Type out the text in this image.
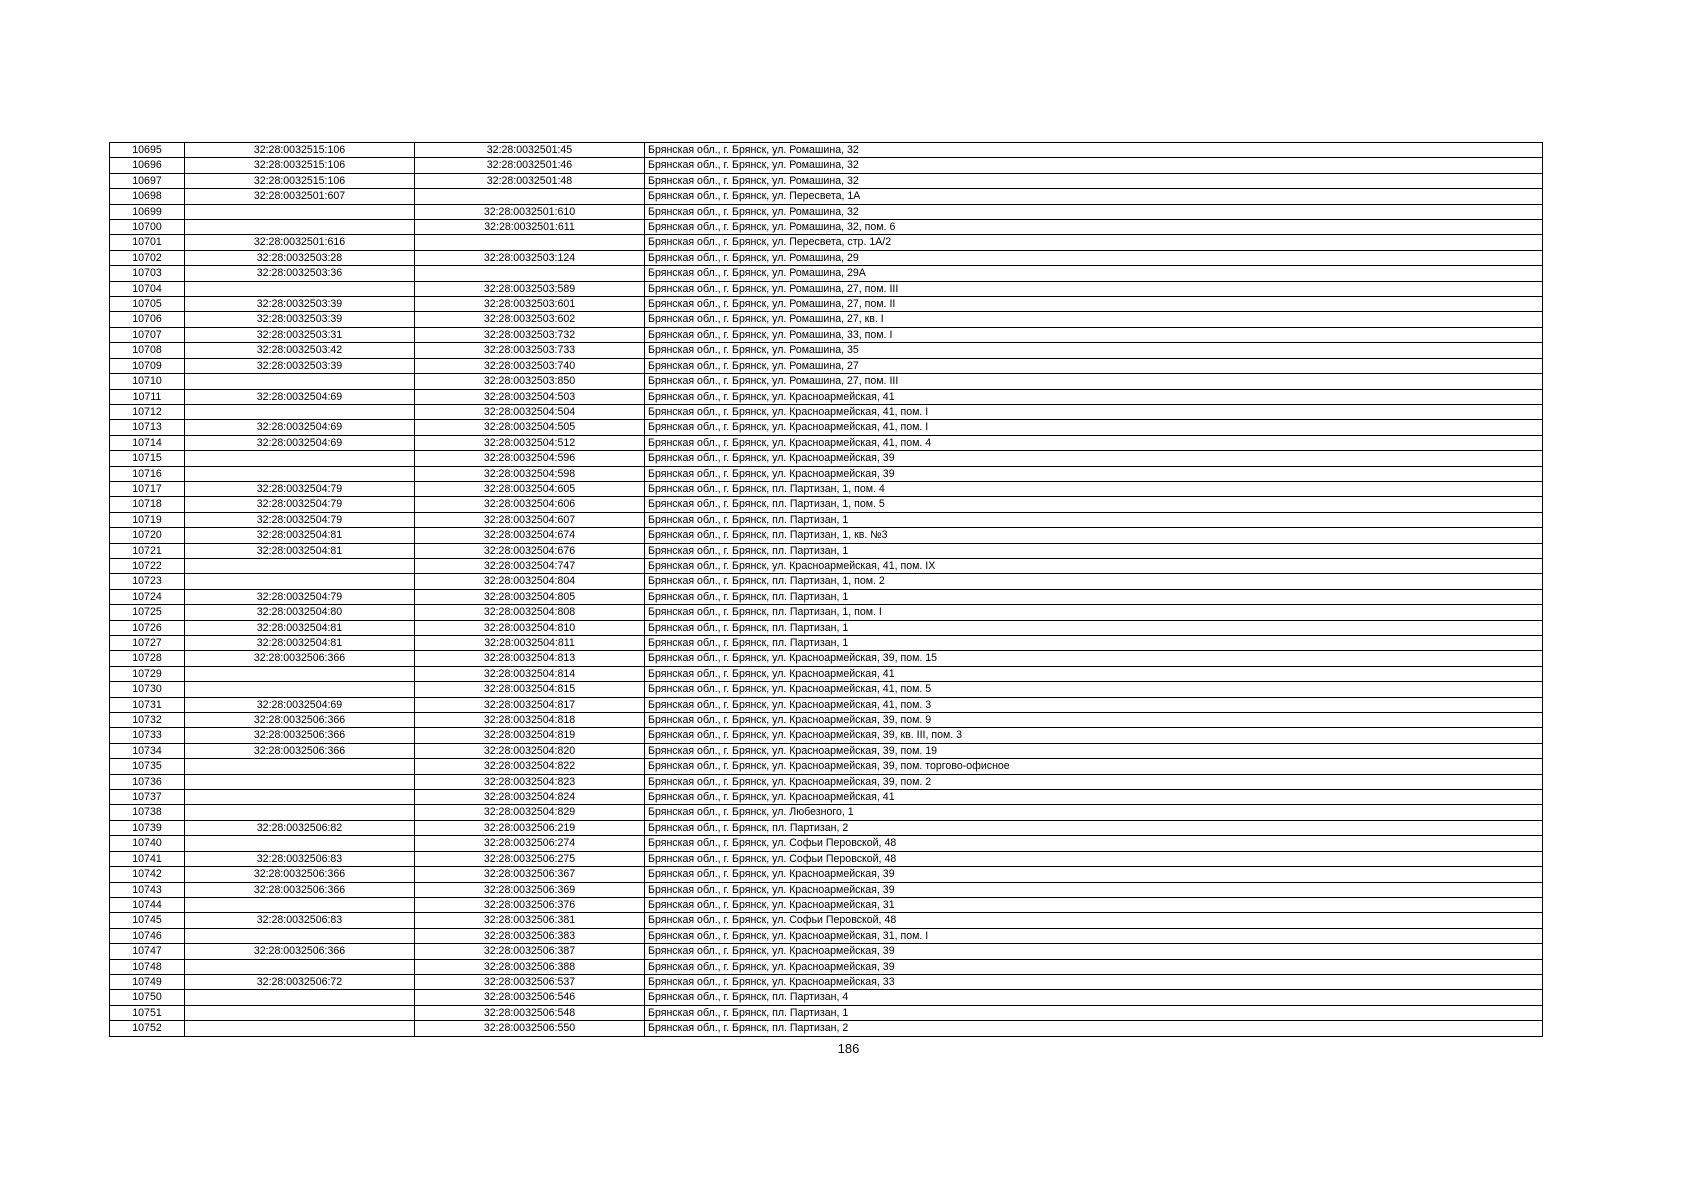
10695	32:28:0032515:106	32:28:0032501:45	Брянская обл., г. Брянск, ул. Ромашина, 32
10696	32:28:0032515:106	32:28:0032501:46	Брянская обл., г. Брянск, ул. Ромашина, 32
10697	32:28:0032515:106	32:28:0032501:48	Брянская обл., г. Брянск, ул. Ромашина, 32
10698	32:28:0032501:607		Брянская обл., г. Брянск, ул. Пересвета, 1А
10699		32:28:0032501:610	Брянская обл., г. Брянск, ул. Ромашина, 32
10700		32:28:0032501:611	Брянская обл., г. Брянск, ул. Ромашина, 32, пом. 6
10701	32:28:0032501:616		Брянская обл., г. Брянск, ул. Пересвета, стр. 1А/2
10702	32:28:0032503:28	32:28:0032503:124	Брянская обл., г. Брянск, ул. Ромашина, 29
10703	32:28:0032503:36		Брянская обл., г. Брянск, ул. Ромашина, 29А
10704		32:28:0032503:589	Брянская обл., г. Брянск, ул. Ромашина, 27, пом. III
10705	32:28:0032503:39	32:28:0032503:601	Брянская обл., г. Брянск, ул. Ромашина, 27, пом. II
10706	32:28:0032503:39	32:28:0032503:602	Брянская обл., г. Брянск, ул. Ромашина, 27, кв. I
10707	32:28:0032503:31	32:28:0032503:732	Брянская обл., г. Брянск, ул. Ромашина, 33, пом. I
10708	32:28:0032503:42	32:28:0032503:733	Брянская обл., г. Брянск, ул. Ромашина, 35
10709	32:28:0032503:39	32:28:0032503:740	Брянская обл., г. Брянск, ул. Ромашина, 27
10710		32:28:0032503:850	Брянская обл., г. Брянск, ул. Ромашина, 27, пом. III
10711	32:28:0032504:69	32:28:0032504:503	Брянская обл., г. Брянск, ул. Красноармейская, 41
10712		32:28:0032504:504	Брянская обл., г. Брянск, ул. Красноармейская, 41, пом. I
10713	32:28:0032504:69	32:28:0032504:505	Брянская обл., г. Брянск, ул. Красноармейская, 41, пом. I
10714	32:28:0032504:69	32:28:0032504:512	Брянская обл., г. Брянск, ул. Красноармейская, 41, пом. 4
10715		32:28:0032504:596	Брянская обл., г. Брянск, ул. Красноармейская, 39
10716		32:28:0032504:598	Брянская обл., г. Брянск, ул. Красноармейская, 39
10717	32:28:0032504:79	32:28:0032504:605	Брянская обл., г. Брянск, пл. Партизан, 1, пом. 4
10718	32:28:0032504:79	32:28:0032504:606	Брянская обл., г. Брянск, пл. Партизан, 1, пом. 5
10719	32:28:0032504:79	32:28:0032504:607	Брянская обл., г. Брянск, пл. Партизан, 1
10720	32:28:0032504:81	32:28:0032504:674	Брянская обл., г. Брянск, пл. Партизан, 1, кв. №3
10721	32:28:0032504:81	32:28:0032504:676	Брянская обл., г. Брянск, пл. Партизан, 1
10722		32:28:0032504:747	Брянская обл., г. Брянск, ул. Красноармейская, 41, пом. IX
10723		32:28:0032504:804	Брянская обл., г. Брянск, пл. Партизан, 1, пом. 2
10724	32:28:0032504:79	32:28:0032504:805	Брянская обл., г. Брянск, пл. Партизан, 1
10725	32:28:0032504:80	32:28:0032504:808	Брянская обл., г. Брянск, пл. Партизан, 1, пом. I
10726	32:28:0032504:81	32:28:0032504:810	Брянская обл., г. Брянск, пл. Партизан, 1
10727	32:28:0032504:81	32:28:0032504:811	Брянская обл., г. Брянск, пл. Партизан, 1
10728	32:28:0032506:366	32:28:0032504:813	Брянская обл., г. Брянск, ул. Красноармейская, 39, пом. 15
10729		32:28:0032504:814	Брянская обл., г. Брянск, ул. Красноармейская, 41
10730		32:28:0032504:815	Брянская обл., г. Брянск, ул. Красноармейская, 41, пом. 5
10731	32:28:0032504:69	32:28:0032504:817	Брянская обл., г. Брянск, ул. Красноармейская, 41, пом. 3
10732	32:28:0032506:366	32:28:0032504:818	Брянская обл., г. Брянск, ул. Красноармейская, 39, пом. 9
10733	32:28:0032506:366	32:28:0032504:819	Брянская обл., г. Брянск, ул. Красноармейская, 39, кв. III, пом. 3
10734	32:28:0032506:366	32:28:0032504:820	Брянская обл., г. Брянск, ул. Красноармейская, 39, пом. 19
10735		32:28:0032504:822	Брянская обл., г. Брянск, ул. Красноармейская, 39, пом. торгово-офисное
10736		32:28:0032504:823	Брянская обл., г. Брянск, ул. Красноармейская, 39, пом. 2
10737		32:28:0032504:824	Брянская обл., г. Брянск, ул. Красноармейская, 41
10738		32:28:0032504:829	Брянская обл., г. Брянск, ул. Любезного, 1
10739	32:28:0032506:82	32:28:0032506:219	Брянская обл., г. Брянск, пл. Партизан, 2
10740		32:28:0032506:274	Брянская обл., г. Брянск, ул. Софьи Перовской, 48
10741	32:28:0032506:83	32:28:0032506:275	Брянская обл., г. Брянск, ул. Софьи Перовской, 48
10742	32:28:0032506:366	32:28:0032506:367	Брянская обл., г. Брянск, ул. Красноармейская, 39
10743	32:28:0032506:366	32:28:0032506:369	Брянская обл., г. Брянск, ул. Красноармейская, 39
10744		32:28:0032506:376	Брянская обл., г. Брянск, ул. Красноармейская, 31
10745	32:28:0032506:83	32:28:0032506:381	Брянская обл., г. Брянск, ул. Софьи Перовской, 48
10746		32:28:0032506:383	Брянская обл., г. Брянск, ул. Красноармейская, 31, пом. I
10747	32:28:0032506:366	32:28:0032506:387	Брянская обл., г. Брянск, ул. Красноармейская, 39
10748		32:28:0032506:388	Брянская обл., г. Брянск, ул. Красноармейская, 39
10749	32:28:0032506:72	32:28:0032506:537	Брянская обл., г. Брянск, ул. Красноармейская, 33
10750		32:28:0032506:546	Брянская обл., г. Брянск, пл. Партизан, 4
10751		32:28:0032506:548	Брянская обл., г. Брянск, пл. Партизан, 1
10752		32:28:0032506:550	Брянская обл., г. Брянск, пл. Партизан, 2
186
